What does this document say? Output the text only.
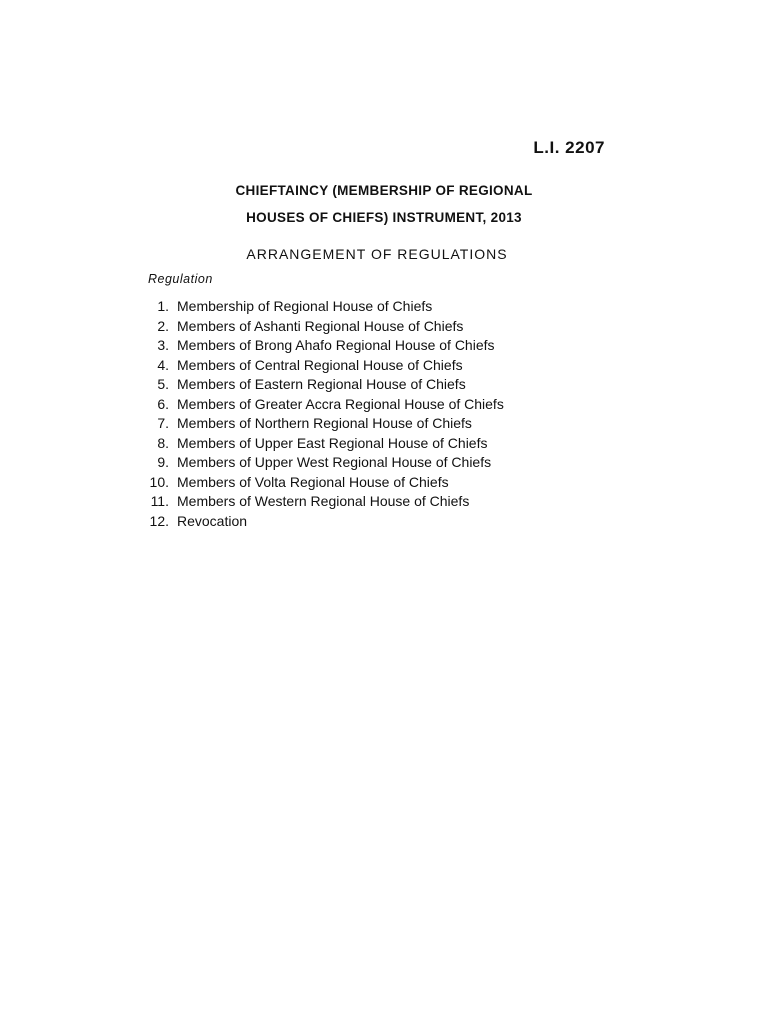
L.I. 2207
CHIEFTAINCY (MEMBERSHIP OF REGIONAL
HOUSES OF CHIEFS) INSTRUMENT, 2013
ARRANGEMENT OF REGULATIONS
Regulation
1. Membership of Regional House of Chiefs
2. Members of Ashanti Regional House of Chiefs
3. Members of Brong Ahafo Regional House of Chiefs
4. Members of Central Regional House of Chiefs
5. Members of Eastern Regional House of Chiefs
6. Members of Greater Accra Regional House of Chiefs
7. Members of Northern Regional House of Chiefs
8. Members of Upper East Regional House of Chiefs
9. Members of Upper West Regional House of Chiefs
10. Members of Volta Regional House of Chiefs
11. Members of Western Regional House of Chiefs
12. Revocation
